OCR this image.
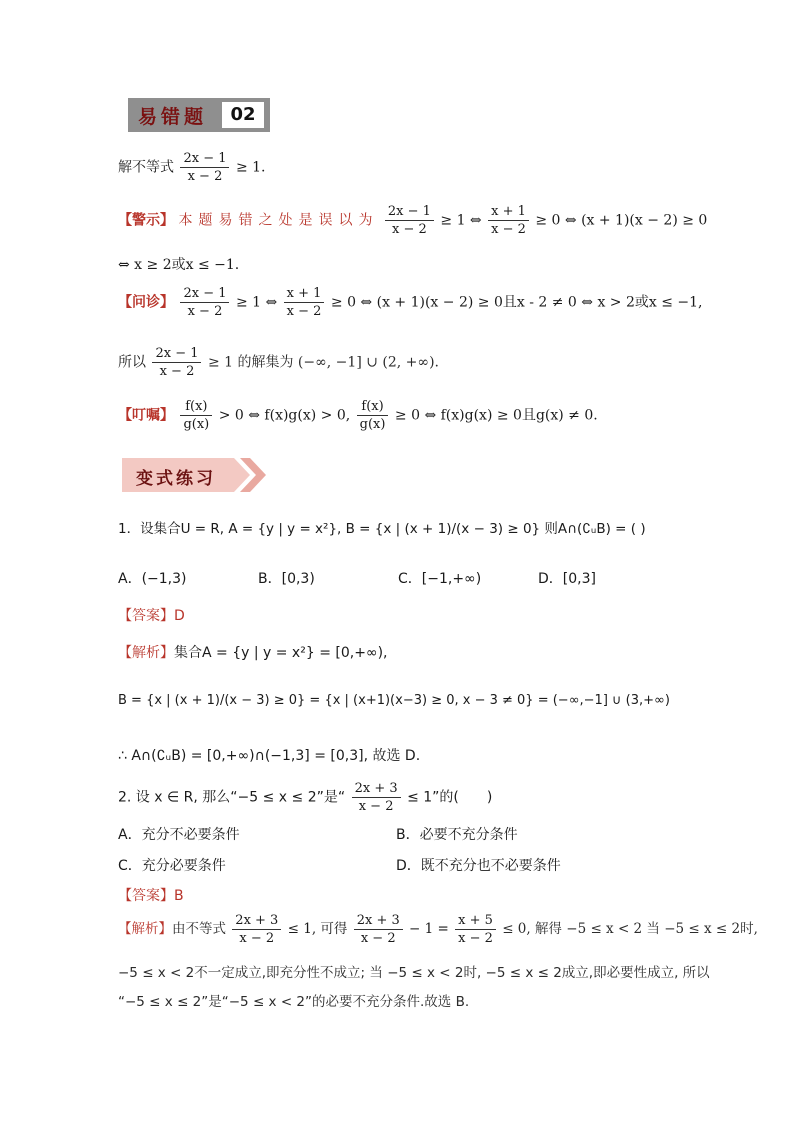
易错题	02
解不等式 $\frac{2x - 1}{x - 2} \ge 1$.
【警示】 本题易错之处是误以为 $\frac{2x - 1}{x - 2} \ge 1$ ⇔ $\frac{x + 1}{x - 2} \ge 0$ ⇔ (x + 1)(x − 2) ≥ 0
⇔ x ≥ 2或x ≤ −1.
【问诊】 $\frac{2x - 1}{x - 2} \ge 1$ ⇔ $\frac{x + 1}{x - 2} \ge 0$ ⇔ (x + 1)(x − 2) ≥ 0且x - 2 ≠ 0 ⇔ x > 2或x ≤ −1,
所以 $\frac{2x - 1}{x - 2} \ge 1$ 的解集为 (−∞, −1] ∪ (2, +∞).
【叮嘱】 $\frac{f(x)}{g(x)} > 0$ ⇔ f(x)g(x) > 0, $\frac{f(x)}{g(x)} \ge 0$ ⇔ f(x)g(x) ≥ 0且g(x) ≠ 0.
变式练习
1．设集合U = R, A = {y | y = x²}, B = {x | (x + 1)/(x − 3) ≥ 0} 则A∩(∁ᵤB) = ( )
A．(−1,3)	B．[0,3)	C．[−1,+∞)	D．[0,3]
【答案】D
【解析】集合A = {y | y = x²} = [0,+∞),
B = {x | (x + 1)/(x − 3) ≥ 0} = {x | (x+1)(x−3) ≥ 0, x − 3 ≠ 0} = (−∞,−1] ∪ (3,+∞)
∴ A∩(∁ᵤB) = [0,+∞)∩(−1,3] = [0,3], 故选 D.
2. 设 x ∈ R, 那么“−5 ≤ x ≤ 2”是“ $\frac{2x + 3}{x - 2} \le 1$”的(　　)
A．充分不必要条件	B．必要不充分条件
C．充分必要条件	D．既不充分也不必要条件
【答案】B
【解析】由不等式 $\frac{2x + 3}{x - 2} \le 1$, 可得 $\frac{2x + 3}{x - 2} - 1 = \frac{x + 5}{x - 2} \le 0$, 解得 −5 ≤ x < 2 当 −5 ≤ x ≤ 2时,
−5 ≤ x < 2不一定成立,即充分性不成立; 当 −5 ≤ x < 2时, −5 ≤ x ≤ 2成立,即必要性成立, 所以
“−5 ≤ x ≤ 2”是“−5 ≤ x < 2”的必要不充分条件.故选 B.
